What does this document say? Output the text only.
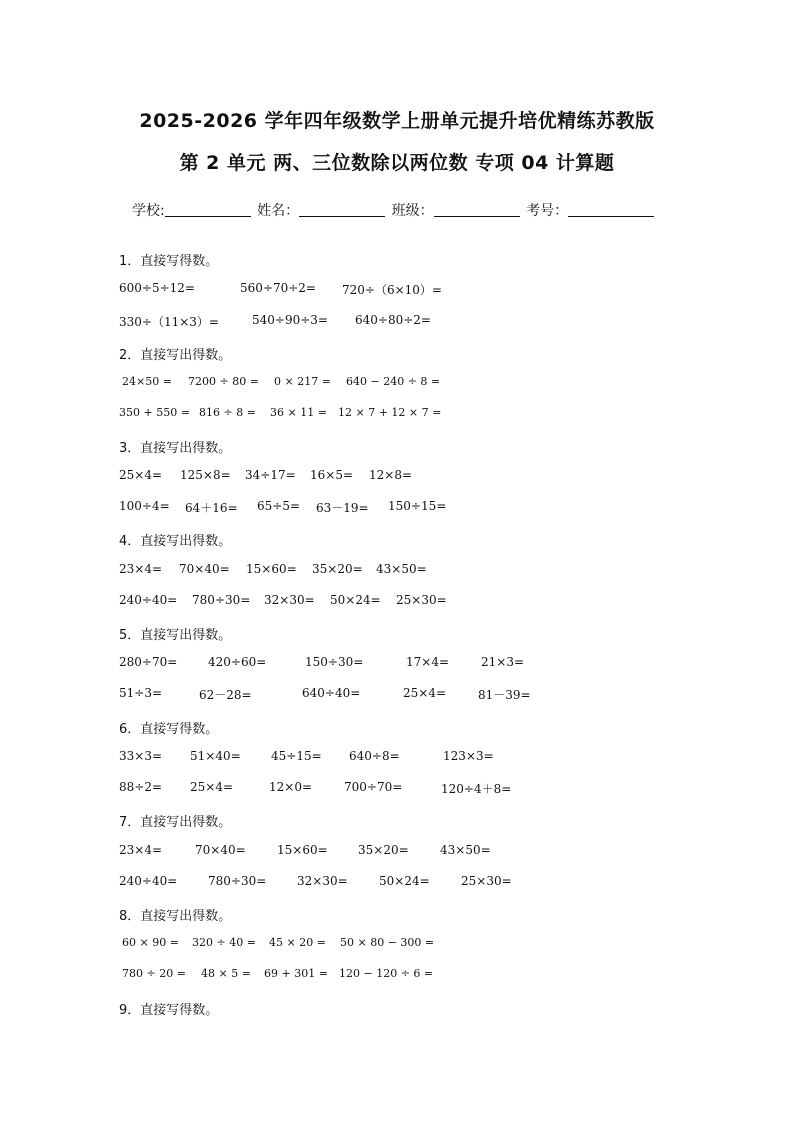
2025-2026 学年四年级数学上册单元提升培优精练苏教版
第 2 单元 两、三位数除以两位数 专项 04 计算题
学校:	姓名：	班级：	考号：
1．直接写得数。
600÷5÷12=	560÷70÷2= 720÷（6×10）=
330÷（11×3）=	540÷90÷3= 640÷80÷2=
2．直接写出得数。
24×50 = 7200 ÷ 80 = 0 × 217 = 640 − 240 ÷ 8 =
350 + 550 = 816 ÷ 8 = 36 × 11 = 12 × 7 + 12 × 7 =
3．直接写出得数。
25×4= 125×8= 34÷17= 16×5= 12×8=
100÷4= 64＋16= 65÷5= 63－19= 150÷15=
4．直接写出得数。
23×4= 70×40= 15×60= 35×20= 43×50=
240÷40= 780÷30= 32×30= 50×24= 25×30=
5．直接写出得数。
280÷70=	420÷60=	150÷30=	17×4=	21×3=
51÷3=	62－28=	640÷40=	25×4=	81－39=
6．直接写得数。
33×3= 51×40=	45÷15= 640÷8=	123×3=
88÷2= 25×4=	12×0=	700÷70=	120÷4＋8=
7．直接写出得数。
23×4=	70×40=	15×60=	35×20=	43×50=
240÷40=	780÷30=	32×30=	50×24=	25×30=
8．直接写出得数。
60 × 90 = 320 ÷ 40 = 45 × 20 = 50 × 80 − 300 =
780 ÷ 20 = 48 × 5 = 69 + 301 = 120 − 120 ÷ 6 =
9．直接写得数。
